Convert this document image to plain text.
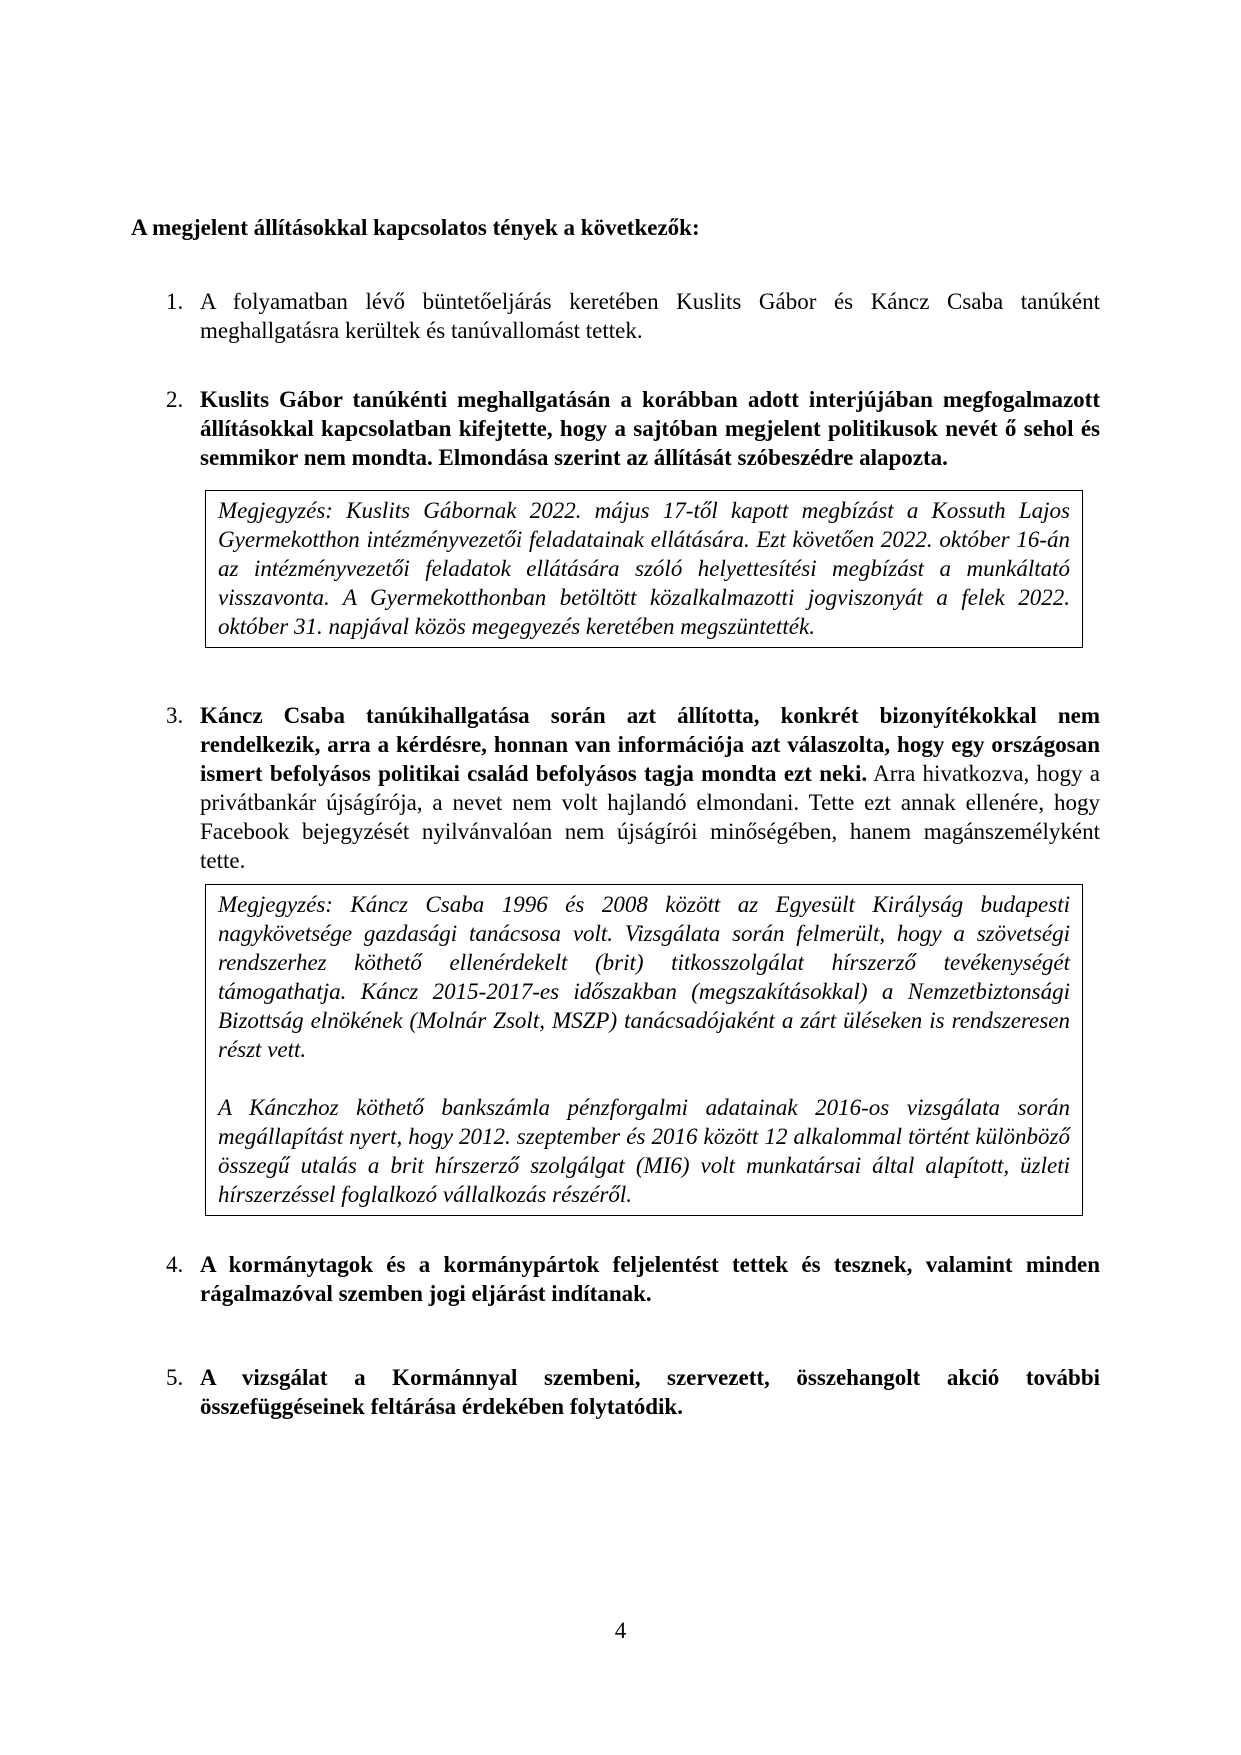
A megjelent állításokkal kapcsolatos tények a következők:

1. A folyamatban lévő büntetőeljárás keretében Kuslits Gábor és Káncz Csaba tanúként meghallgatásra kerültek és tanúvallomást tettek.
2. Kuslits Gábor tanúkénti meghallgatásán a korábban adott interjújában megfogalmazott állításokkal kapcsolatban kifejtette, hogy a sajtóban megjelent politikusok nevét ő sehol és semmikor nem mondta. Elmondása szerint az állítását szóbeszédre alapozta.

Megjegyzés: Kuslits Gábornak 2022. május 17-től kapott megbízást a Kossuth Lajos Gyermekotthon intézményvezetői feladatainak ellátására. Ezt követően 2022. október 16-án az intézményvezetői feladatok ellátására szóló helyettesítési megbízást a munkáltató visszavonta. A Gyermekotthonban betöltött közalkalmazotti jogviszonyát a felek 2022. október 31. napjával közös megegyezés keretében megszüntették.

3. Káncz Csaba tanúkihallgatása során azt állította, konkrét bizonyítékokkal nem rendelkezik, arra a kérdésre, honnan van információja azt válaszolta, hogy egy országosan ismert befolyásos politikai család befolyásos tagja mondta ezt neki. Arra hivatkozva, hogy a privátbankár újságírója, a nevet nem volt hajlandó elmondani. Tette ezt annak ellenére, hogy Facebook bejegyzését nyilvánvalóan nem újságírói minőségében, hanem magánszemélyként tette.

Megjegyzés: Káncz Csaba 1996 és 2008 között az Egyesült Királyság budapesti nagykövetsége gazdasági tanácsosa volt. Vizsgálata során felmerült, hogy a szövetségi rendszerhez köthető ellenérdekelt (brit) titkosszolgálat hírszerző tevékenységét támogathatja. Káncz 2015-2017-es időszakban (megszakításokkal) a Nemzetbiztonsági Bizottság elnökének (Molnár Zsolt, MSZP) tanácsadójaként a zárt üléseken is rendszeresen részt vett.

A Kánczhoz köthető bankszámla pénzforgalmi adatainak 2016-os vizsgálata során megállapítást nyert, hogy 2012. szeptember és 2016 között 12 alkalommal történt különböző összegű utalás a brit hírszerző szolgálgat (MI6) volt munkatársai által alapított, üzleti hírszerzéssel foglalkozó vállalkozás részéről.

4. A kormánytagok és a kormánypártok feljelentést tettek és tesznek, valamint minden rágalmazóval szemben jogi eljárást indítanak.
5. A vizsgálat a Kormánnyal szembeni, szervezett, összehangolt akció további összefüggéseinek feltárása érdekében folytatódik.
4
